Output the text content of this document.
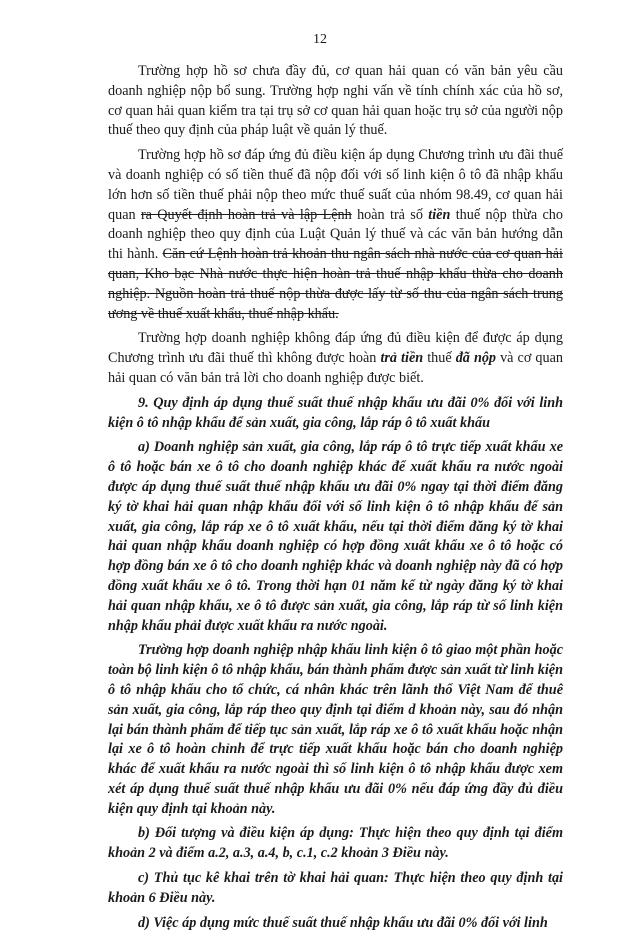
12

Trường hợp hồ sơ chưa đầy đủ, cơ quan hải quan có văn bản yêu cầu doanh nghiệp nộp bổ sung. Trường hợp nghi vấn về tính chính xác của hồ sơ, cơ quan hải quan kiểm tra tại trụ sở cơ quan hải quan hoặc trụ sở của người nộp thuế theo quy định của pháp luật về quản lý thuế.

Trường hợp hồ sơ đáp ứng đủ điều kiện áp dụng Chương trình ưu đãi thuế và doanh nghiệp có số tiền thuế đã nộp đối với số linh kiện ô tô đã nhập khẩu lớn hơn số tiền thuế phải nộp theo mức thuế suất của nhóm 98.49, cơ quan hải quan ra Quyết định hoàn trả và lập Lệnh hoàn trả số tiền thuế nộp thừa cho doanh nghiệp theo quy định của Luật Quản lý thuế và các văn bản hướng dẫn thi hành. Căn cứ Lệnh hoàn trả khoản thu ngân sách nhà nước của cơ quan hải quan, Kho bạc Nhà nước thực hiện hoàn trả thuế nhập khẩu thừa cho doanh nghiệp. Nguồn hoàn trả thuế nộp thừa được lấy từ số thu của ngân sách trung ương về thuế xuất khẩu, thuế nhập khẩu.

Trường hợp doanh nghiệp không đáp ứng đủ điều kiện để được áp dụng Chương trình ưu đãi thuế thì không được hoàn trả tiền thuế đã nộp và cơ quan hải quan có văn bản trả lời cho doanh nghiệp được biết.

9. Quy định áp dụng thuế suất thuế nhập khẩu ưu đãi 0% đối với linh kiện ô tô nhập khẩu để sản xuất, gia công, lắp ráp ô tô xuất khẩu

a) Doanh nghiệp sản xuất, gia công, lắp ráp ô tô trực tiếp xuất khẩu xe ô tô hoặc bán xe ô tô cho doanh nghiệp khác để xuất khẩu ra nước ngoài được áp dụng thuế suất thuế nhập khẩu ưu đãi 0% ngay tại thời điểm đăng ký tờ khai hải quan nhập khẩu đối với số linh kiện ô tô nhập khẩu để sản xuất, gia công, lắp ráp xe ô tô xuất khẩu, nếu tại thời điểm đăng ký tờ khai hải quan nhập khẩu doanh nghiệp có hợp đồng xuất khẩu xe ô tô hoặc có hợp đồng bán xe ô tô cho doanh nghiệp khác và doanh nghiệp này đã có hợp đồng xuất khẩu xe ô tô. Trong thời hạn 01 năm kể từ ngày đăng ký tờ khai hải quan nhập khẩu, xe ô tô được sản xuất, gia công, lắp ráp từ số linh kiện nhập khẩu phải được xuất khẩu ra nước ngoài.

Trường hợp doanh nghiệp nhập khẩu linh kiện ô tô giao một phần hoặc toàn bộ linh kiện ô tô nhập khẩu, bán thành phẩm được sản xuất từ linh kiện ô tô nhập khẩu cho tổ chức, cá nhân khác trên lãnh thổ Việt Nam để thuê sản xuất, gia công, lắp ráp theo quy định tại điểm d khoản này, sau đó nhận lại bán thành phẩm để tiếp tục sản xuất, lắp ráp xe ô tô xuất khẩu hoặc nhận lại xe ô tô hoàn chỉnh để trực tiếp xuất khẩu hoặc bán cho doanh nghiệp khác để xuất khẩu ra nước ngoài thì số linh kiện ô tô nhập khẩu được xem xét áp dụng thuế suất thuế nhập khẩu ưu đãi 0% nếu đáp ứng đầy đủ điều kiện quy định tại khoản này.

b) Đối tượng và điều kiện áp dụng: Thực hiện theo quy định tại điểm khoản 2 và điểm a.2, a.3, a.4, b, c.1, c.2 khoản 3 Điều này.

c) Thủ tục kê khai trên tờ khai hải quan: Thực hiện theo quy định tại khoản 6 Điều này.

d) Việc áp dụng mức thuế suất thuế nhập khẩu ưu đãi 0% đối với linh
